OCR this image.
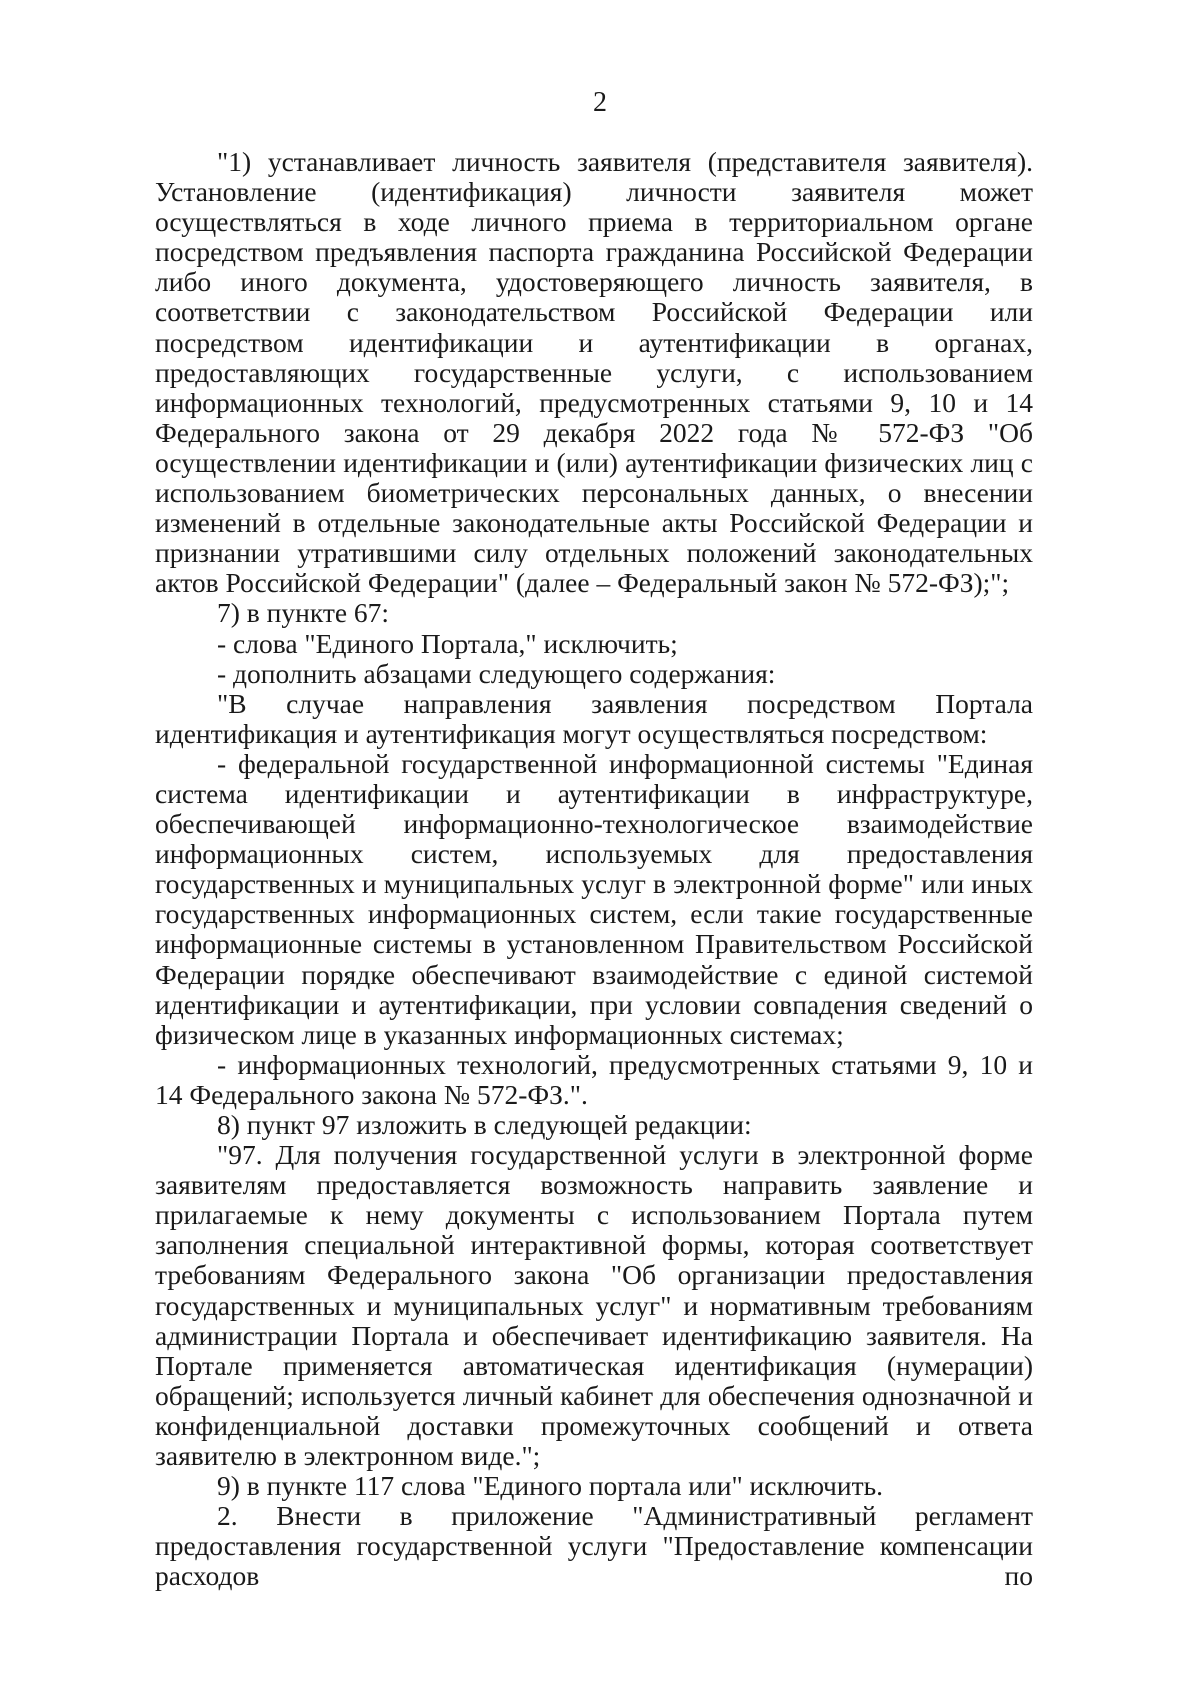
2

"1) устанавливает личность заявителя (представителя заявителя). Установление (идентификация) личности заявителя может осуществляться в ходе личного приема в территориальном органе посредством предъявления паспорта гражданина Российской Федерации либо иного документа, удостоверяющего личность заявителя, в соответствии с законодательством Российской Федерации или посредством идентификации и аутентификации в органах, предоставляющих государственные услуги, с использованием информационных технологий, предусмотренных статьями 9, 10 и 14 Федерального закона от 29 декабря 2022 года № 572-ФЗ "Об осуществлении идентификации и (или) аутентификации физических лиц с использованием биометрических персональных данных, о внесении изменений в отдельные законодательные акты Российской Федерации и признании утратившими силу отдельных положений законодательных актов Российской Федерации" (далее – Федеральный закон № 572-ФЗ);";

7) в пункте 67:

- слова "Единого Портала," исключить;

- дополнить абзацами следующего содержания:

"В случае направления заявления посредством Портала идентификация и аутентификация могут осуществляться посредством:

- федеральной государственной информационной системы "Единая система идентификации и аутентификации в инфраструктуре, обеспечивающей информационно-технологическое взаимодействие информационных систем, используемых для предоставления государственных и муниципальных услуг в электронной форме" или иных государственных информационных систем, если такие государственные информационные системы в установленном Правительством Российской Федерации порядке обеспечивают взаимодействие с единой системой идентификации и аутентификации, при условии совпадения сведений о физическом лице в указанных информационных системах;

- информационных технологий, предусмотренных статьями 9, 10 и 14 Федерального закона № 572-ФЗ.".

8) пункт 97 изложить в следующей редакции:

"97. Для получения государственной услуги в электронной форме заявителям предоставляется возможность направить заявление и прилагаемые к нему документы с использованием Портала путем заполнения специальной интерактивной формы, которая соответствует требованиям Федерального закона "Об организации предоставления государственных и муниципальных услуг" и нормативным требованиям администрации Портала и обеспечивает идентификацию заявителя. На Портале применяется автоматическая идентификация (нумерации) обращений; используется личный кабинет для обеспечения однозначной и конфиденциальной доставки промежуточных сообщений и ответа заявителю в электронном виде.";

9) в пункте 117 слова "Единого портала или" исключить.

2. Внести в приложение "Административный регламент предоставления государственной услуги "Предоставление компенсации расходов по
